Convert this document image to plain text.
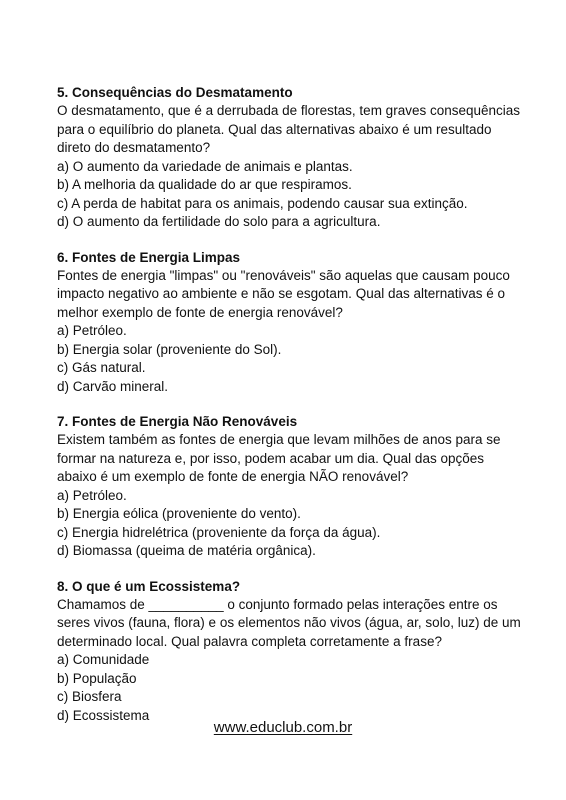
5. Consequências do Desmatamento

O desmatamento, que é a derrubada de florestas, tem graves consequências para o equilíbrio do planeta. Qual das alternativas abaixo é um resultado direto do desmatamento?

a) O aumento da variedade de animais e plantas.

b) A melhoria da qualidade do ar que respiramos.

c) A perda de habitat para os animais, podendo causar sua extinção.

d) O aumento da fertilidade do solo para a agricultura.

6. Fontes de Energia Limpas

Fontes de energia "limpas" ou "renováveis" são aquelas que causam pouco impacto negativo ao ambiente e não se esgotam. Qual das alternativas é o melhor exemplo de fonte de energia renovável?

a) Petróleo.

b) Energia solar (proveniente do Sol).

c) Gás natural.

d) Carvão mineral.

7. Fontes de Energia Não Renováveis

Existem também as fontes de energia que levam milhões de anos para se formar na natureza e, por isso, podem acabar um dia. Qual das opções abaixo é um exemplo de fonte de energia NÃO renovável?

a) Petróleo.

b) Energia eólica (proveniente do vento).

c) Energia hidrelétrica (proveniente da força da água).

d) Biomassa (queima de matéria orgânica).

8. O que é um Ecossistema?

Chamamos de __________ o conjunto formado pelas interações entre os seres vivos (fauna, flora) e os elementos não vivos (água, ar, solo, luz) de um determinado local. Qual palavra completa corretamente a frase?

a) Comunidade

b) População

c) Biosfera

d) Ecossistema

www.educlub.com.br
